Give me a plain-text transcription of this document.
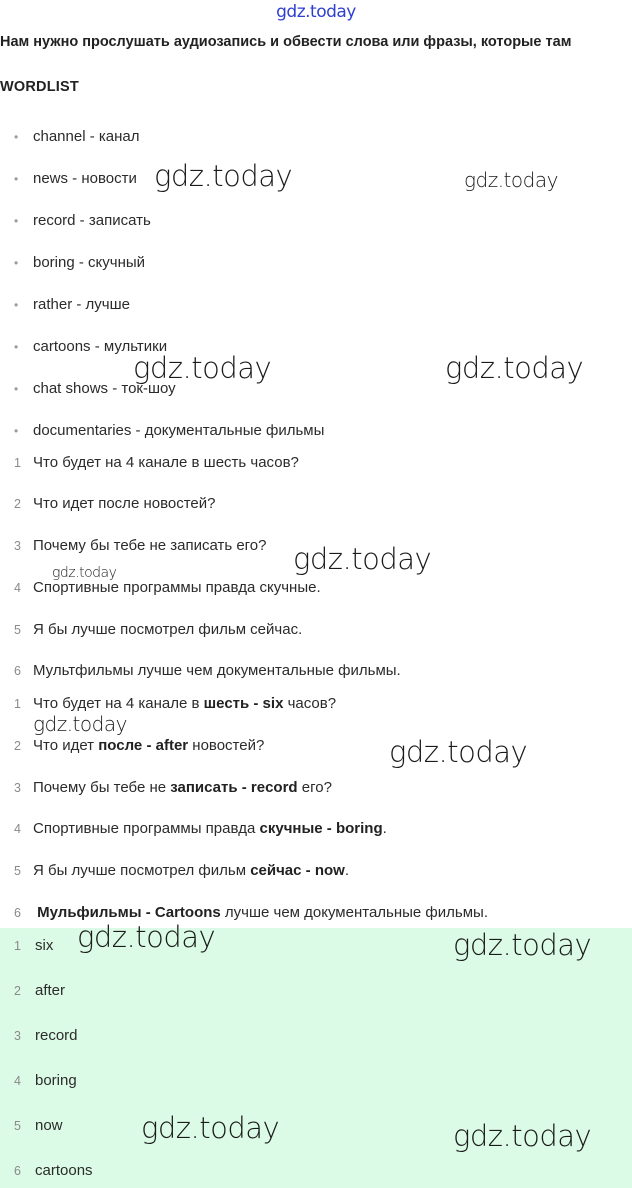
gdz.today
Нам нужно прослушать аудиозапись и обвести слова или фразы, которые там
WORDLIST
• channel - канал
• news - новости
• record - записать
• boring - скучный
• rather - лучше
• cartoons - мультики
• chat shows - ток-шоу
• documentaries - документальные фильмы
1 Что будет на 4 канале в шесть часов?
2 Что идет после новостей?
3 Почему бы тебе не записать его?
4 Спортивные программы правда скучные.
5 Я бы лучше посмотрел фильм сейчас.
6 Мультфильмы лучше чем документальные фильмы.
1 Что будет на 4 канале в шесть - six часов?
2 Что идет после - after новостей?
3 Почему бы тебе не записать - record его?
4 Спортивные программы правда скучные - boring .
5 Я бы лучше посмотрел фильм сейчас - now .
6
	Мульфильмы - Cartoons лучше чем документальные фильмы.
1 six
2 after
3 record
4 boring
5 now
6 cartoons
gdz.today	gdz.today
gdz.today	gdz.today
gdz.today
gdz.today
gdz.today
gdz.today
gdz.today	gdz.today
gdz.today	gdz.today
